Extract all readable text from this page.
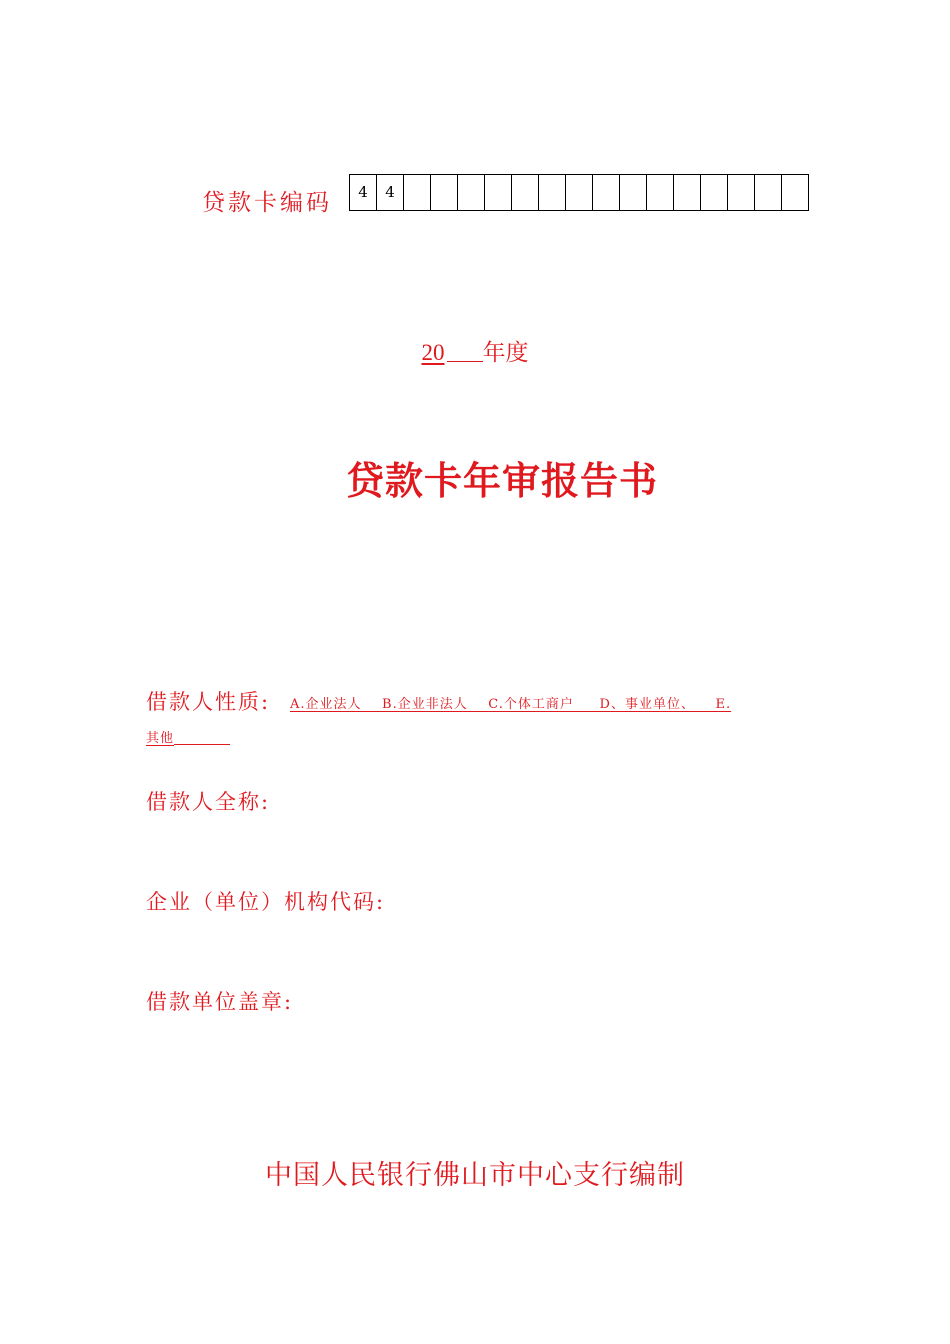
贷款卡编码	4	4
20 年度
贷款卡年审报告书
借款人性质: A.企业法人    B.企业非法人    C.个体工商户     D、事业单位、    E.
其他
借款人全称:
企业（单位）机构代码:
借款单位盖章:
中国人民银行佛山市中心支行编制
